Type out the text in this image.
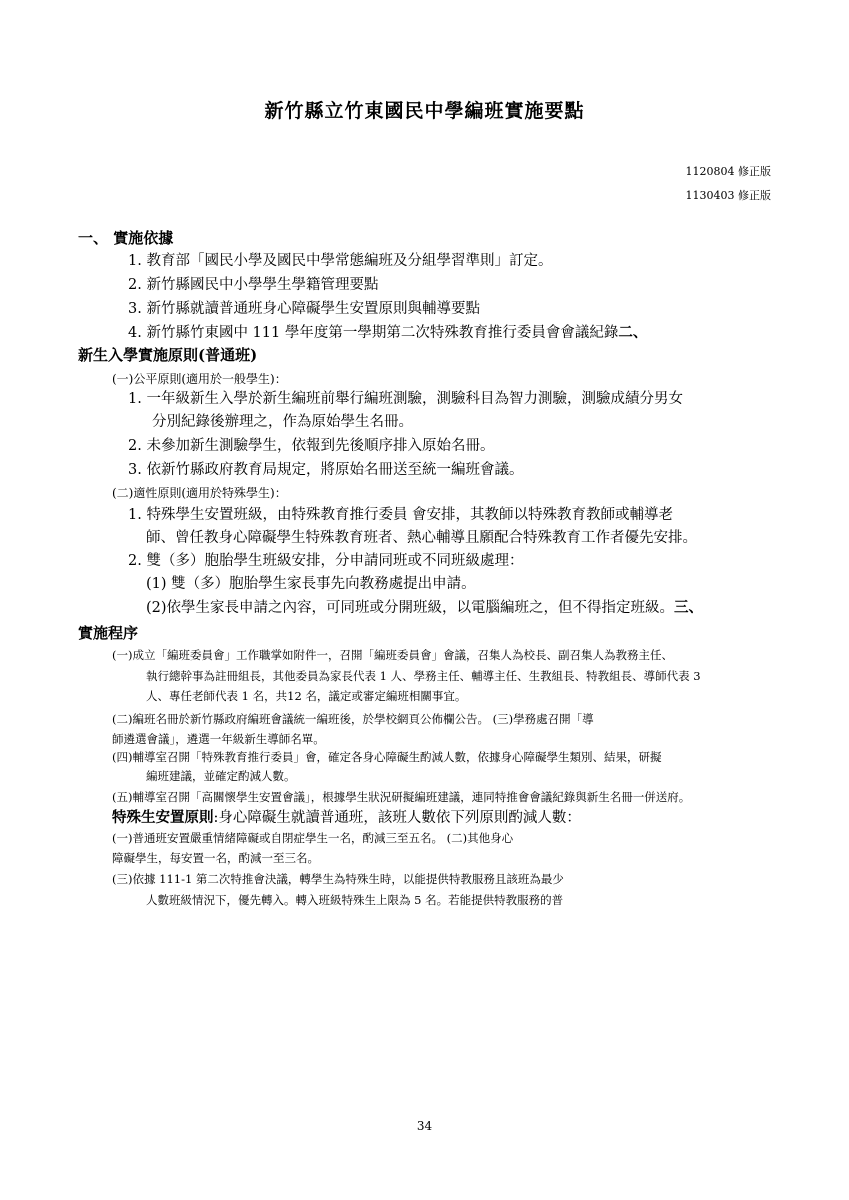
新竹縣立竹東國民中學編班實施要點
1120804 修正版
1130403 修正版
一、 實施依據
1. 教育部「國民小學及國民中學常態編班及分組學習準則」訂定。
2. 新竹縣國民中小學學生學籍管理要點
3. 新竹縣就讀普通班身心障礙學生安置原則與輔導要點
4. 新竹縣竹東國中 111 學年度第一學期第二次特殊教育推行委員會會議紀錄二、
新生入學實施原則(普通班)
(一)公平原則(適用於一般學生)：
1. 一年級新生入學於新生編班前舉行編班測驗，測驗科目為智力測驗，測驗成績分男女
分別紀錄後辦理之，作為原始學生名冊。
2. 未參加新生測驗學生，依報到先後順序排入原始名冊。
3. 依新竹縣政府教育局規定，將原始名冊送至統一編班會議。
(二)適性原則(適用於特殊學生)：
1. 特殊學生安置班級，由特殊教育推行委員 會安排，其教師以特殊教育教師或輔導老
師、曾任教身心障礙學生特殊教育班者、熱心輔導且願配合特殊教育工作者優先安排。
2. 雙（多）胞胎學生班級安排，分申請同班或不同班級處理：
(1) 雙（多）胞胎學生家長事先向教務處提出申請。
(2)依學生家長申請之內容，可同班或分開班級，以電腦編班之，但不得指定班級。三、
實施程序
(一)成立「編班委員會」工作職掌如附件一，召開「編班委員會」會議，召集人為校長、副召集人為教務主任、
執行總幹事為註冊組長，其他委員為家長代表 1 人、學務主任、輔導主任、生教組長、特教組長、導師代表 3
人、專任老師代表 1 名，共12 名，議定或審定編班相關事宜。
(二)編班名冊於新竹縣政府編班會議統一編班後，於學校網頁公佈欄公告。 (三)學務處召開「導
師遴選會議」，遴選一年級新生導師名單。
(四)輔導室召開「特殊教育推行委員」會，確定各身心障礙生酌減人數，依據身心障礙學生類別、結果，研擬
編班建議，並確定酌減人數。
(五)輔導室召開「高關懷學生安置會議」，根據學生狀況研擬編班建議，連同特推會會議紀錄與新生名冊一併送府。
特殊生安置原則:身心障礙生就讀普通班，該班人數依下列原則酌減人數：
(一)普通班安置嚴重情緒障礙或自閉症學生一名，酌減三至五名。 (二)其他身心
障礙學生，每安置一名，酌減一至三名。
(三)依據 111-1 第二次特推會決議，轉學生為特殊生時，以能提供特教服務且該班為最少
人數班級情況下，優先轉入。轉入班級特殊生上限為 5 名。若能提供特教服務的普
34
